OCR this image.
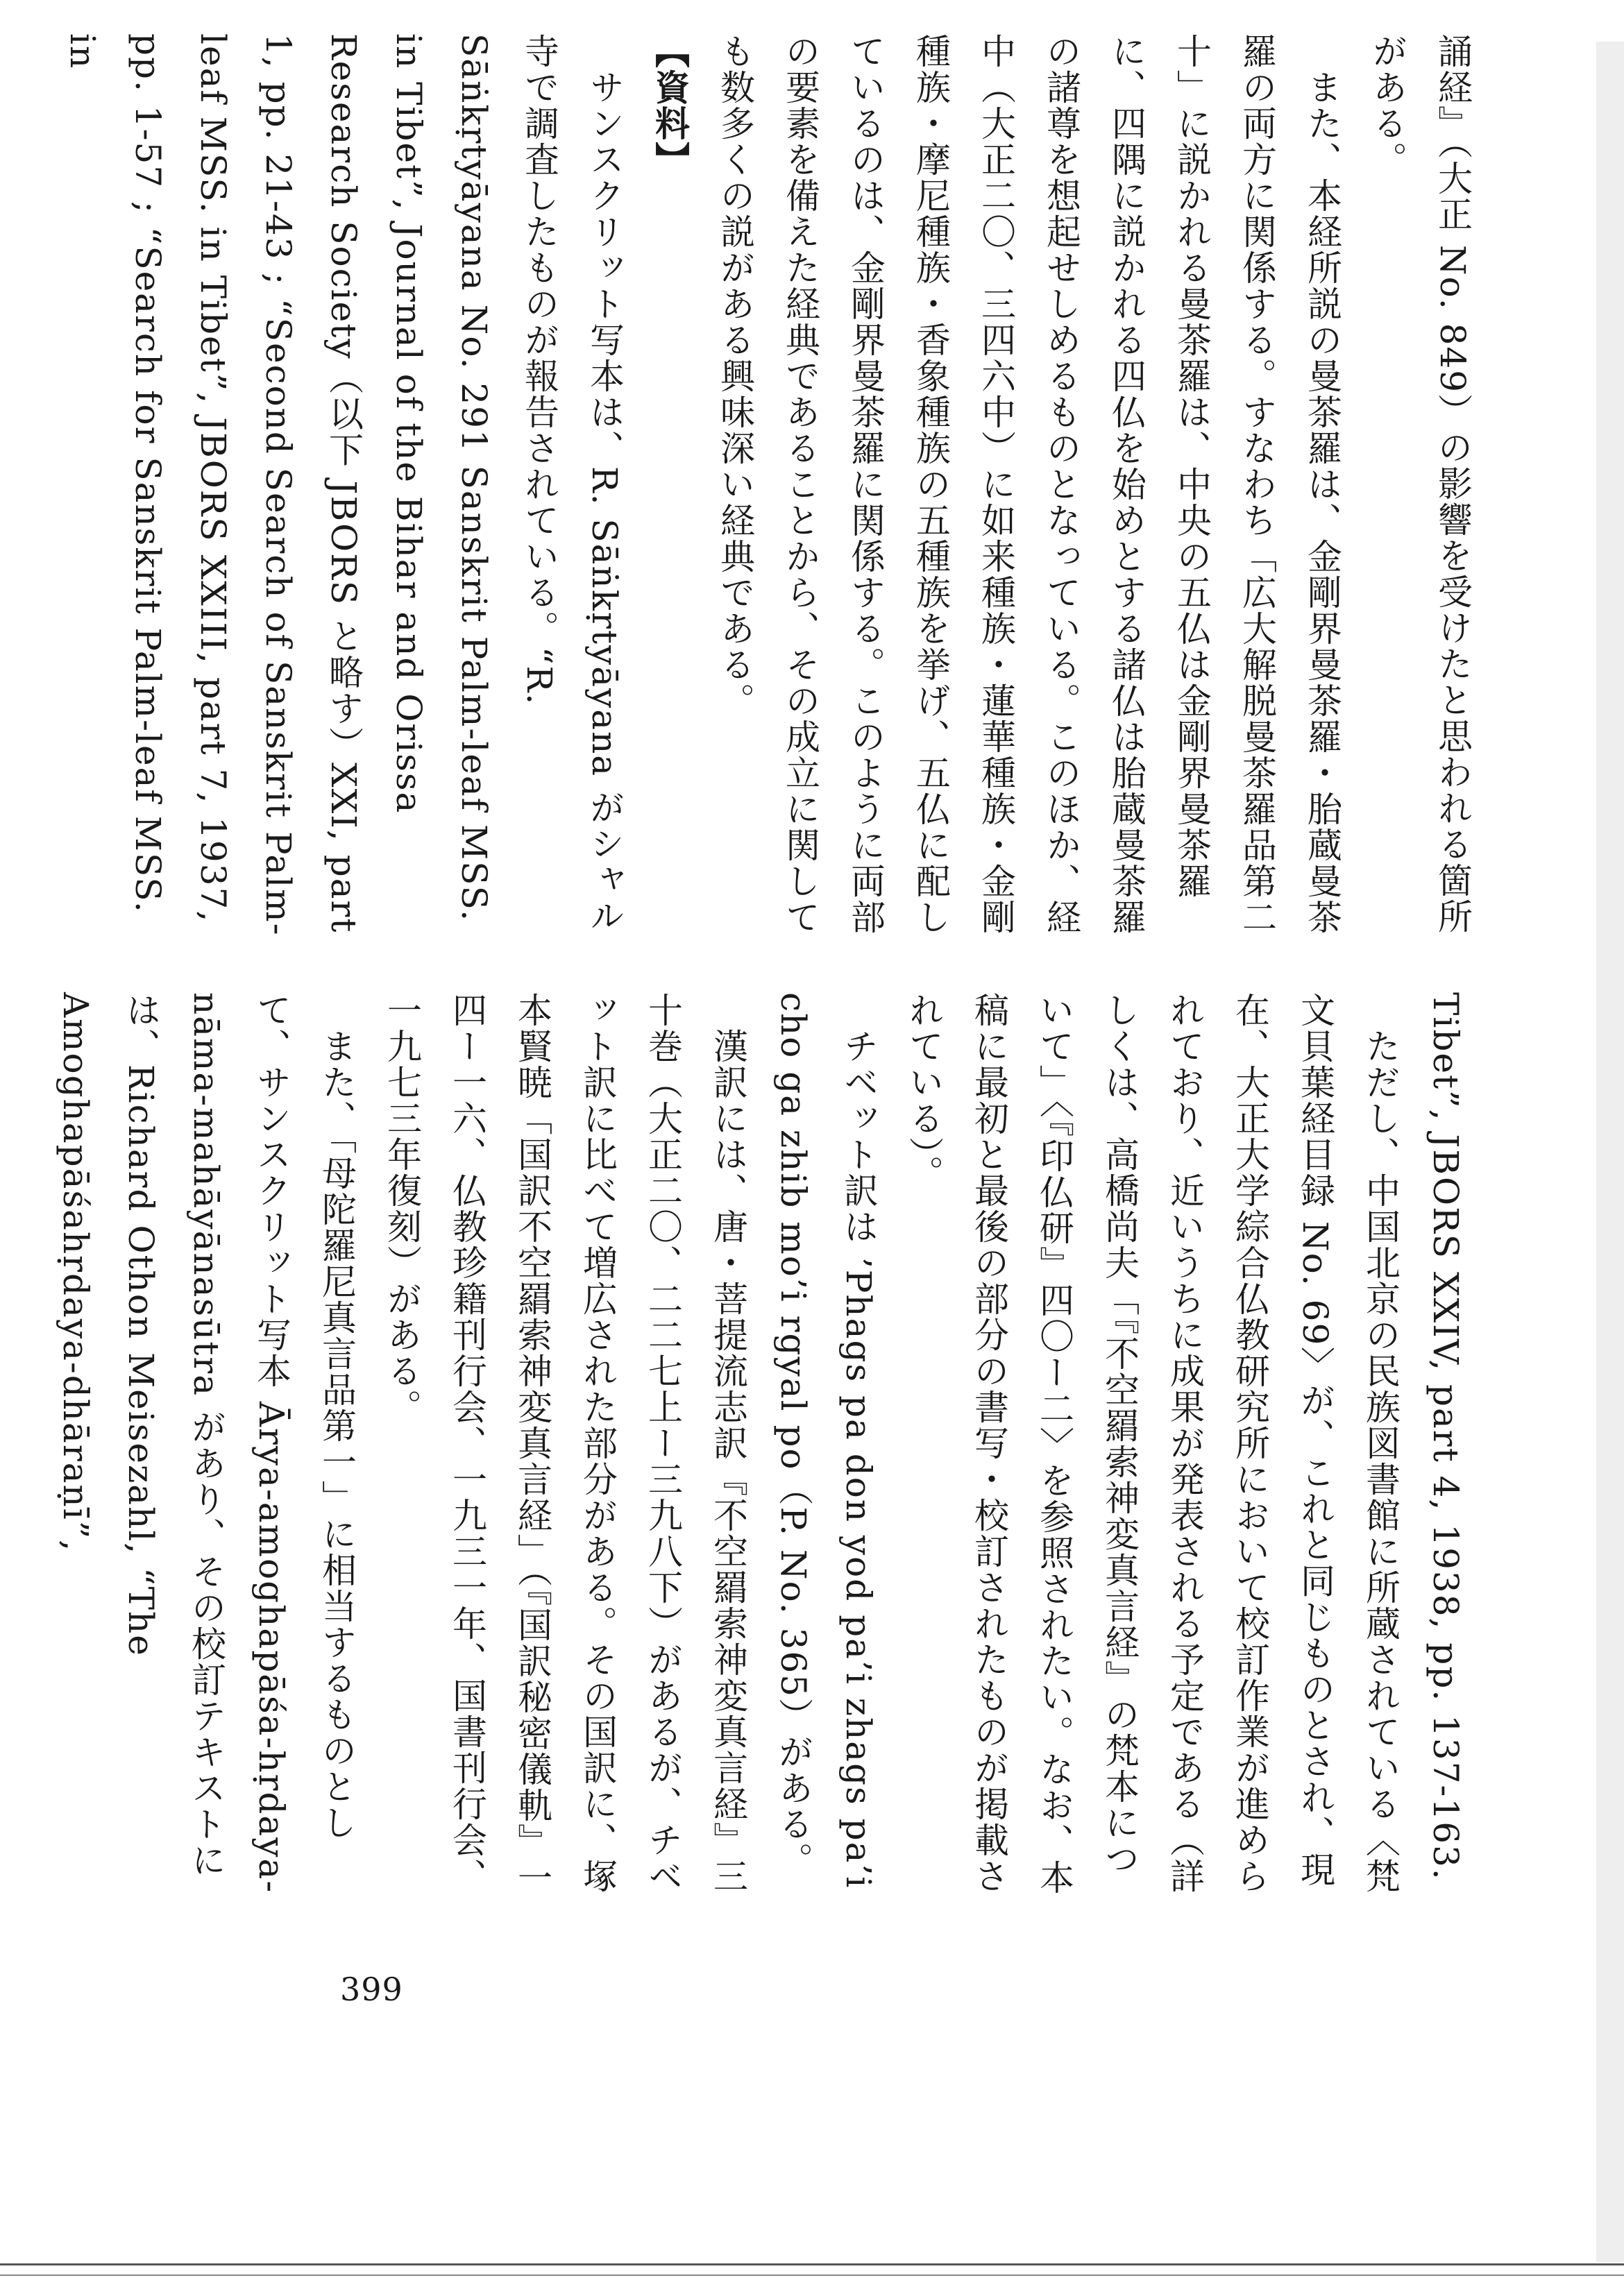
誦経』（大正 No. 849）の影響を受けたと思われる箇所がある。

　また、本経所説の曼茶羅は、金剛界曼茶羅・胎蔵曼茶羅の両方に関係する。すなわち「広大解脱曼茶羅品第二十」に説かれる曼茶羅は、中央の五仏は金剛界曼茶羅に、四隅に説かれる四仏を始めとする諸仏は胎蔵曼茶羅の諸尊を想起せしめるものとなっている。このほか、経中（大正二〇、三四六中）に如来種族・蓮華種族・金剛種族・摩尼種族・香象種族の五種族を挙げ、五仏に配しているのは、金剛界曼茶羅に関係する。このように両部の要素を備えた経典であることから、その成立に関しても数多くの説がある興味深い経典である。

【資料】

　サンスクリット写本は、R. Sāṅkṛtyāyana がシャル寺で調査したものが報告されている。“R. Sāṅkṛtyāyana No. 291 Sanskrit Palm-leaf MSS. in Tibet”, Journal of the Bihar and Orissa Research Society（以下 JBORS と略す）XXI, part 1, pp. 21-43 ; “Second Search of Sanskrit Palm-leaf MSS. in Tibet”, JBORS XXIII, part 7, 1937, pp. 1-57 ; “Search for Sanskrit Palm-leaf MSS. in

Tibet”, JBORS XXIV, part 4, 1938, pp. 137-163.

　ただし、中国北京の民族図書館に所蔵されている〈梵文貝葉経目録 No. 69〉が、これと同じものとされ、現在、大正大学綜合仏教研究所において校訂作業が進められており、近いうちに成果が発表される予定である（詳しくは、高橋尚夫「『不空羂索神変真言経』の梵本について」〈『印仏研』四〇ー二〉を参照されたい。なお、本稿に最初と最後の部分の書写・校訂されたものが掲載されている）。

　チベット訳は ’Phags pa don yod pa’i zhags pa’i cho ga zhib mo’i rgyal po（P. No. 365）がある。

　漢訳には、唐・菩提流志訳『不空羂索神変真言経』三十巻（大正二〇、二二七上ー三九八下）があるが、チベット訳に比べて増広された部分がある。その国訳に、塚本賢暁「国訳不空羂索神変真言経」（『国訳秘密儀軌』一四ー一六、仏教珍籍刊行会、一九三一年、国書刊行会、一九七三年復刻）がある。

　また、「母陀羅尼真言品第一」に相当するものとして、サンスクリット写本 Ārya-amoghapāśa-hṛdaya-nāma-mahāyānasūtra があり、その校訂テキストには、Richard Othon Meisezahl, “The Amoghapāśahṛdaya-dhāraṇī”,

399
